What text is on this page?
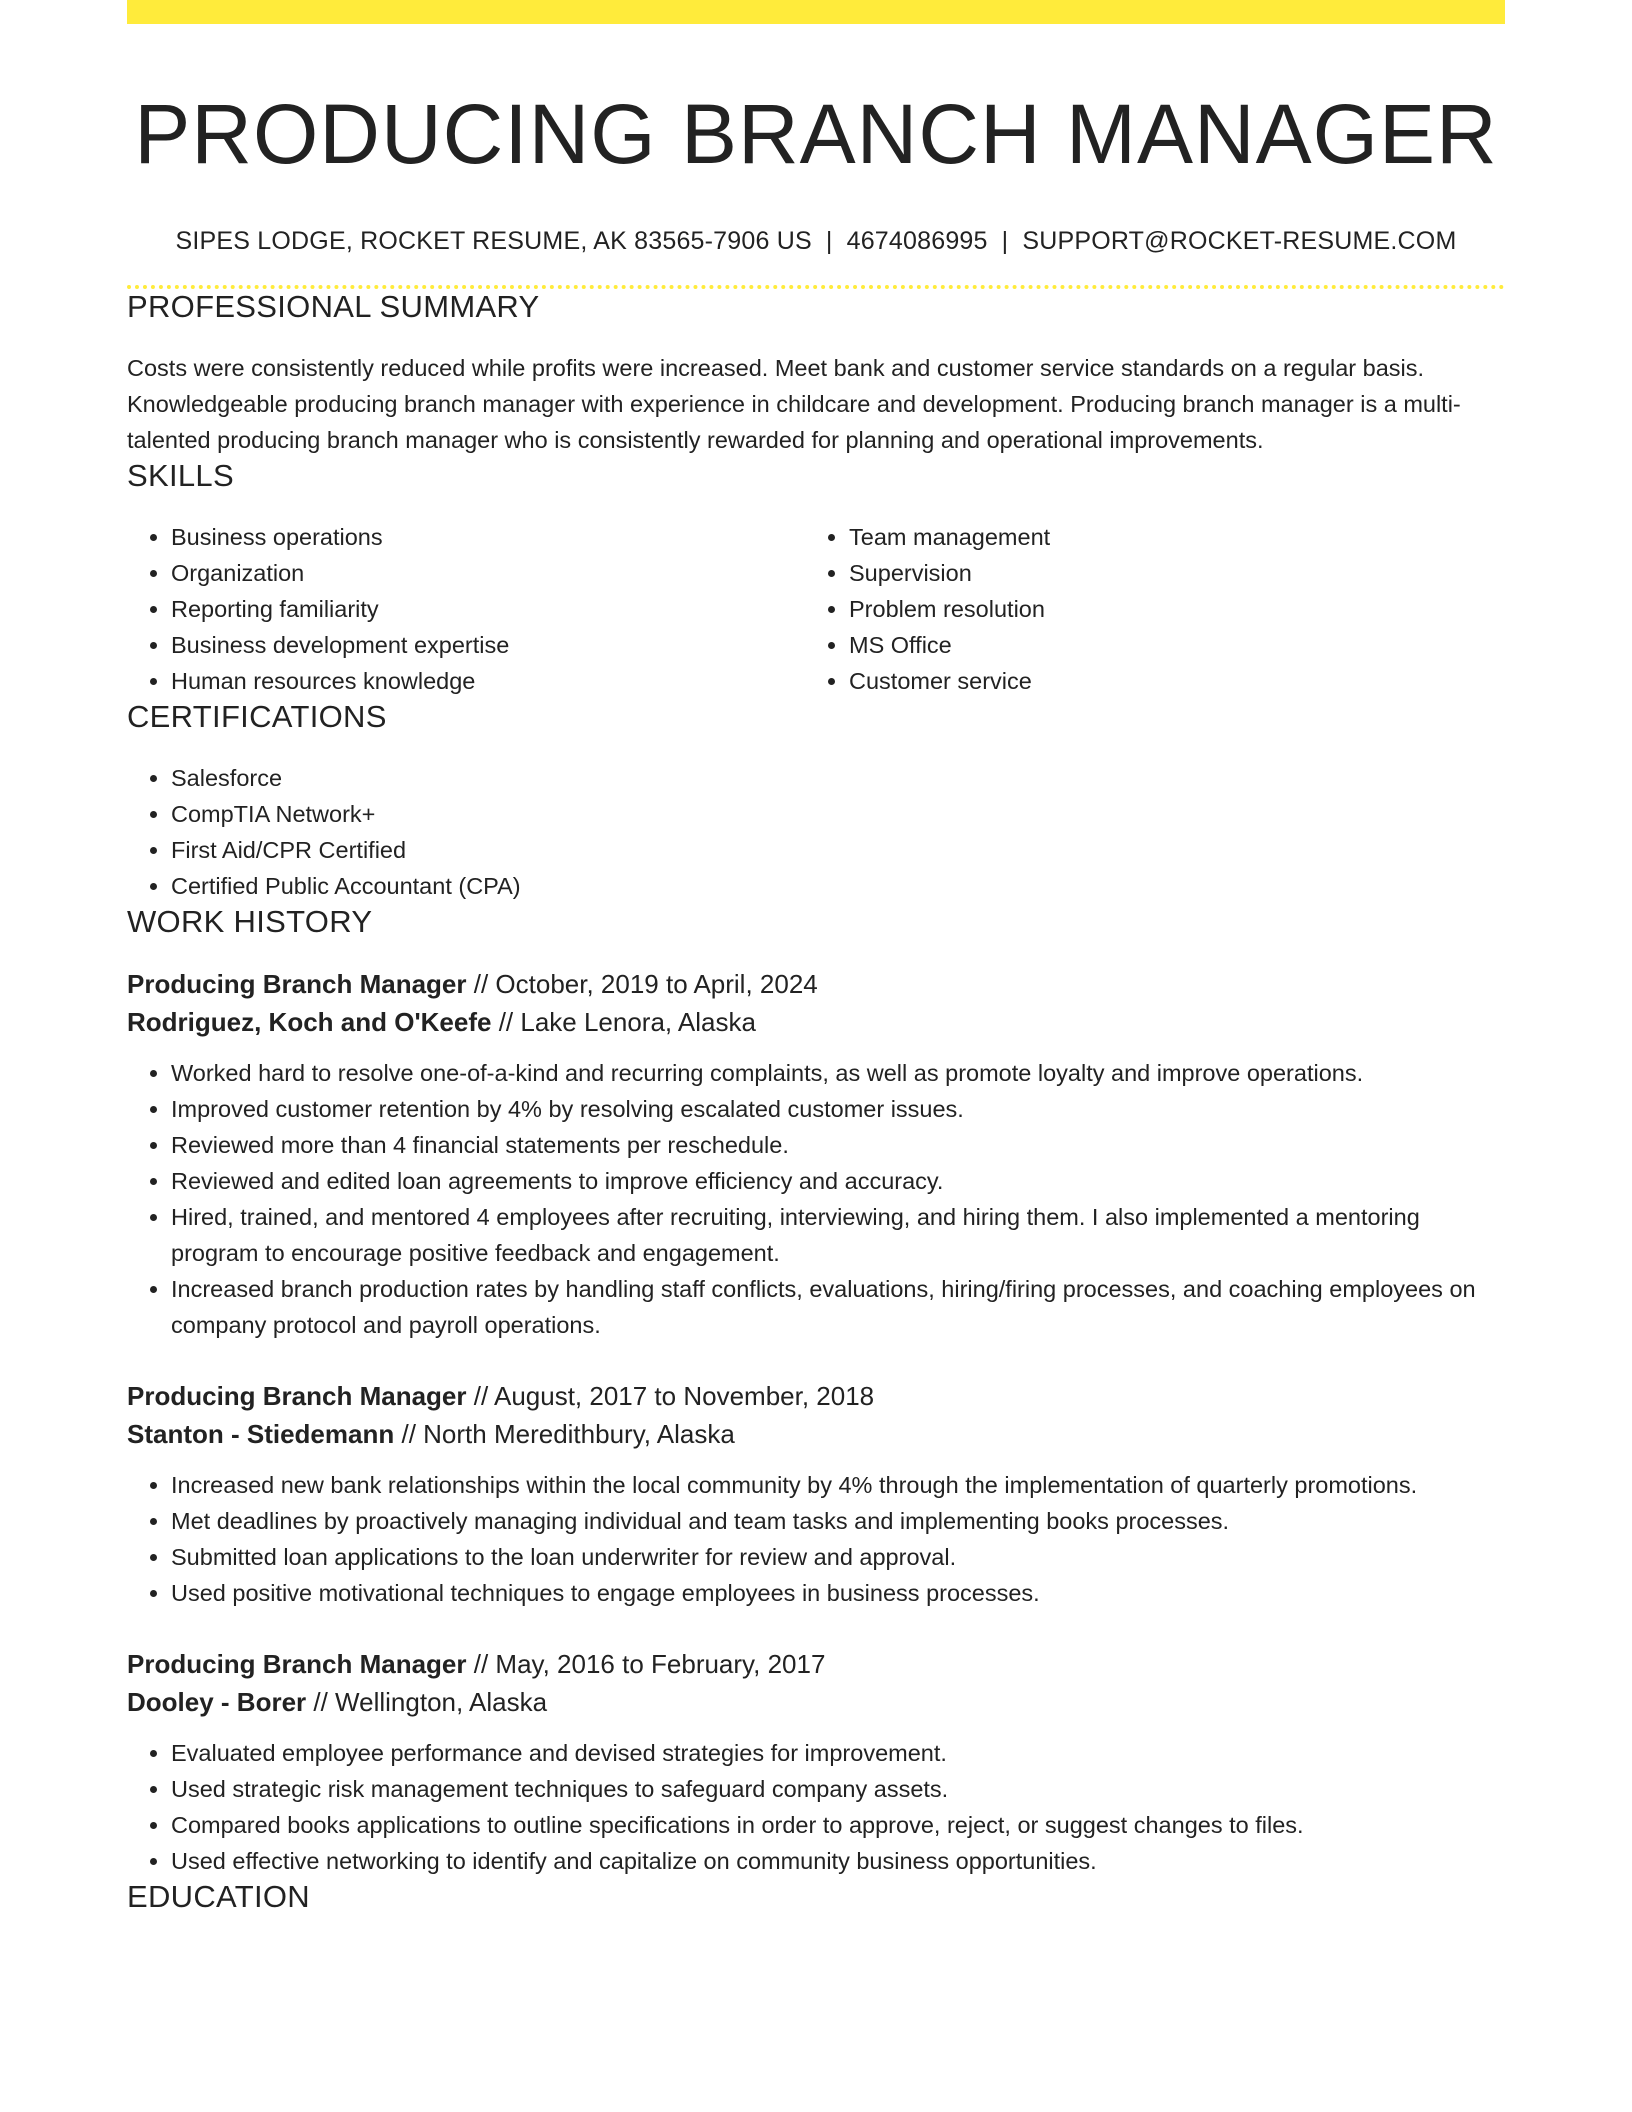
PRODUCING BRANCH MANAGER
SIPES LODGE, ROCKET RESUME, AK 83565-7906 US | 4674086995 | SUPPORT@ROCKET-RESUME.COM
PROFESSIONAL SUMMARY

Costs were consistently reduced while profits were increased. Meet bank and customer service standards on a regular basis. Knowledgeable producing branch manager with experience in childcare and development. Producing branch manager is a multi-talented producing branch manager who is consistently rewarded for planning and operational improvements.

SKILLS
• Business operations
• Organization
• Reporting familiarity
• Business development expertise
• Human resources knowledge
• Team management
• Supervision
• Problem resolution
• MS Office
• Customer service
CERTIFICATIONS
• Salesforce
• CompTIA Network+
• First Aid/CPR Certified
• Certified Public Accountant (CPA)
WORK HISTORY
Producing Branch Manager // October, 2019 to April, 2024
Rodriguez, Koch and O'Keefe // Lake Lenora, Alaska
• Worked hard to resolve one-of-a-kind and recurring complaints, as well as promote loyalty and improve operations.
• Improved customer retention by 4% by resolving escalated customer issues.
• Reviewed more than 4 financial statements per reschedule.
• Reviewed and edited loan agreements to improve efficiency and accuracy.
• Hired, trained, and mentored 4 employees after recruiting, interviewing, and hiring them. I also implemented a mentoring program to encourage positive feedback and engagement.
• Increased branch production rates by handling staff conflicts, evaluations, hiring/firing processes, and coaching employees on company protocol and payroll operations.
Producing Branch Manager // August, 2017 to November, 2018
Stanton - Stiedemann // North Meredithbury, Alaska
• Increased new bank relationships within the local community by 4% through the implementation of quarterly promotions.
• Met deadlines by proactively managing individual and team tasks and implementing books processes.
• Submitted loan applications to the loan underwriter for review and approval.
• Used positive motivational techniques to engage employees in business processes.
Producing Branch Manager // May, 2016 to February, 2017
Dooley - Borer // Wellington, Alaska
• Evaluated employee performance and devised strategies for improvement.
• Used strategic risk management techniques to safeguard company assets.
• Compared books applications to outline specifications in order to approve, reject, or suggest changes to files.
• Used effective networking to identify and capitalize on community business opportunities.
EDUCATION
